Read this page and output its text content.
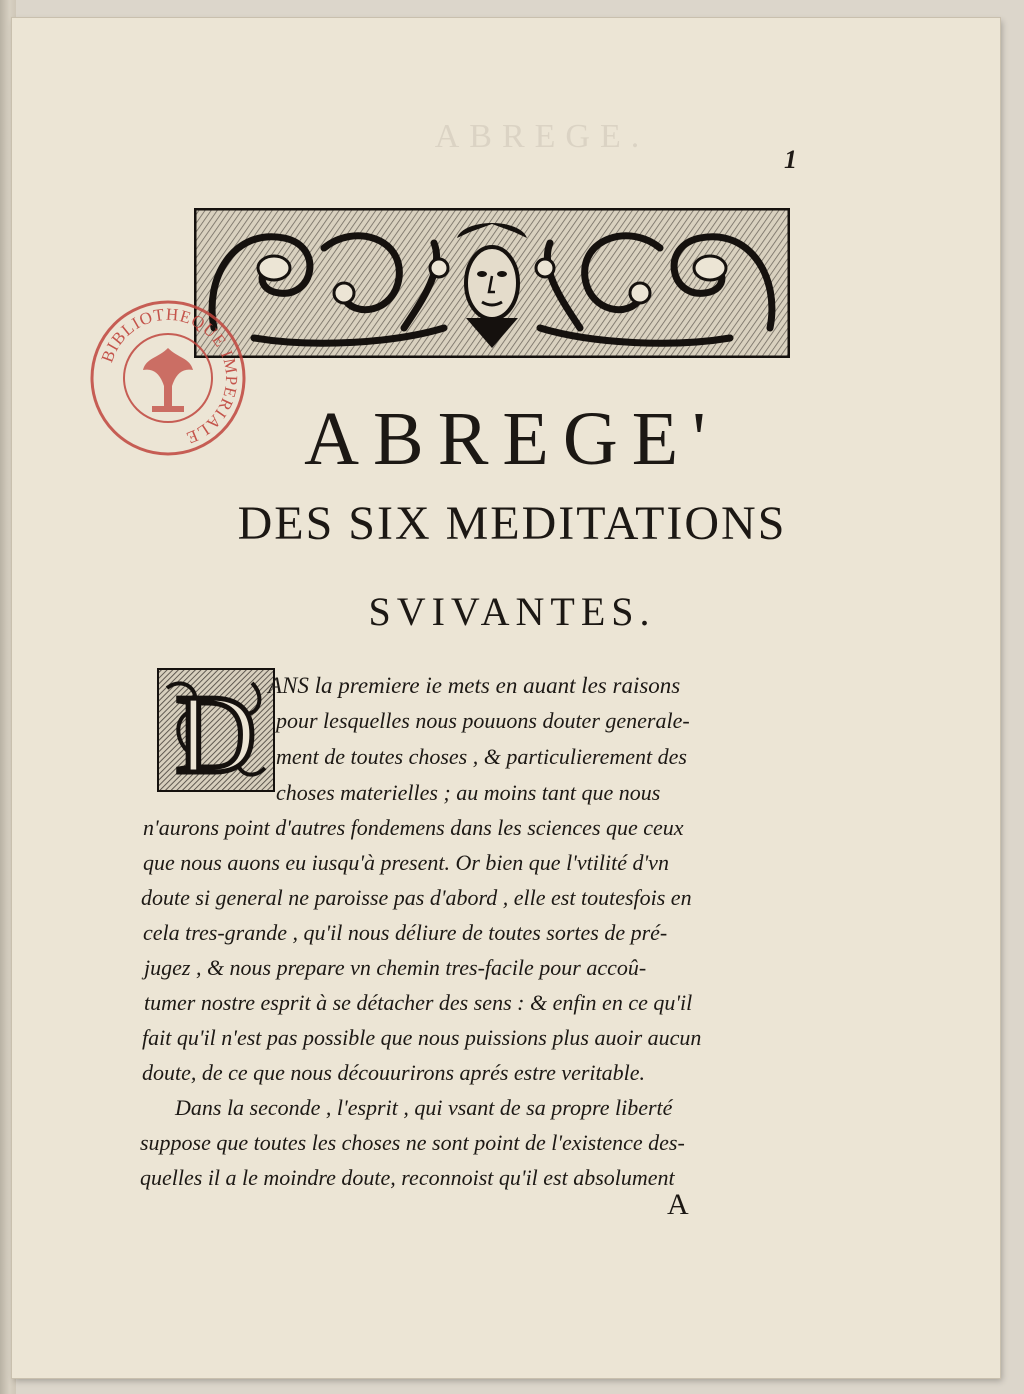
ABREGE.
1
BIBLIOTHEQUE IMPERIALE	ABREGE'
DES SIX MEDITATIONS
SVIVANTES.
D ANS la premiere ie mets en auant les raisons
pour lesquelles nous pouuons douter generale-
ment de toutes choses , & particulierement des
choses materielles ; au moins tant que nous
n'aurons point d'autres fondemens dans les sciences que ceux
que nous auons eu iusqu'à present. Or bien que l'vtilité d'vn
doute si general ne paroisse pas d'abord , elle est toutesfois en
cela tres-grande , qu'il nous déliure de toutes sortes de pré-
jugez , & nous prepare vn chemin tres-facile pour accoû-
tumer nostre esprit à se détacher des sens : & enfin en ce qu'il
fait qu'il n'est pas possible que nous puissions plus auoir aucun
doute, de ce que nous découurirons aprés estre veritable.
Dans la seconde , l'esprit , qui vsant de sa propre liberté
suppose que toutes les choses ne sont point de l'existence des-
quelles il a le moindre doute, reconnoist qu'il est absolument
A
